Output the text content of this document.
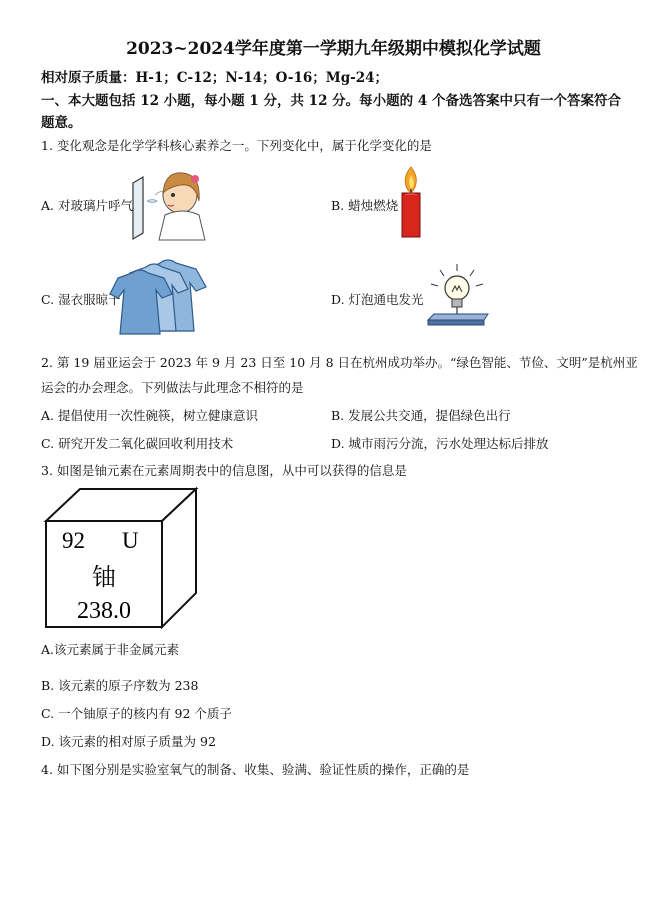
2023~2024学年度第一学期九年级期中模拟化学试题
相对原子质量：H-1；C-12；N-14；O-16；Mg-24；
一、本大题包括 12 小题，每小题 1 分，共 12 分。每小题的 4 个备选答案中只有一个答案符合
题意。
1. 变化观念是化学学科核心素养之一。下列变化中，属于化学变化的是
A. 对玻璃片呼气	B. 蜡烛燃烧
C. 湿衣服晾干	D. 灯泡通电发光
2. 第 19 届亚运会于 2023 年 9 月 23 日至 10 月 8 日在杭州成功举办。“绿色智能、节俭、文明”是杭州亚
运会的办会理念。下列做法与此理念不相符的是
A. 提倡使用一次性碗筷，树立健康意识	B. 发展公共交通，提倡绿色出行
C. 研究开发二氧化碳回收利用技术	D. 城市雨污分流，污水处理达标后排放
3. 如图是铀元素在元素周期表中的信息图，从中可以获得的信息是
92 U
铀
238.0
A.该元素属于非金属元素
B. 该元素的原子序数为 238
C. 一个铀原子的核内有 92 个质子
D. 该元素的相对原子质量为 92
4. 如下图分别是实验室氧气的制备、收集、验满、验证性质的操作，正确的是
